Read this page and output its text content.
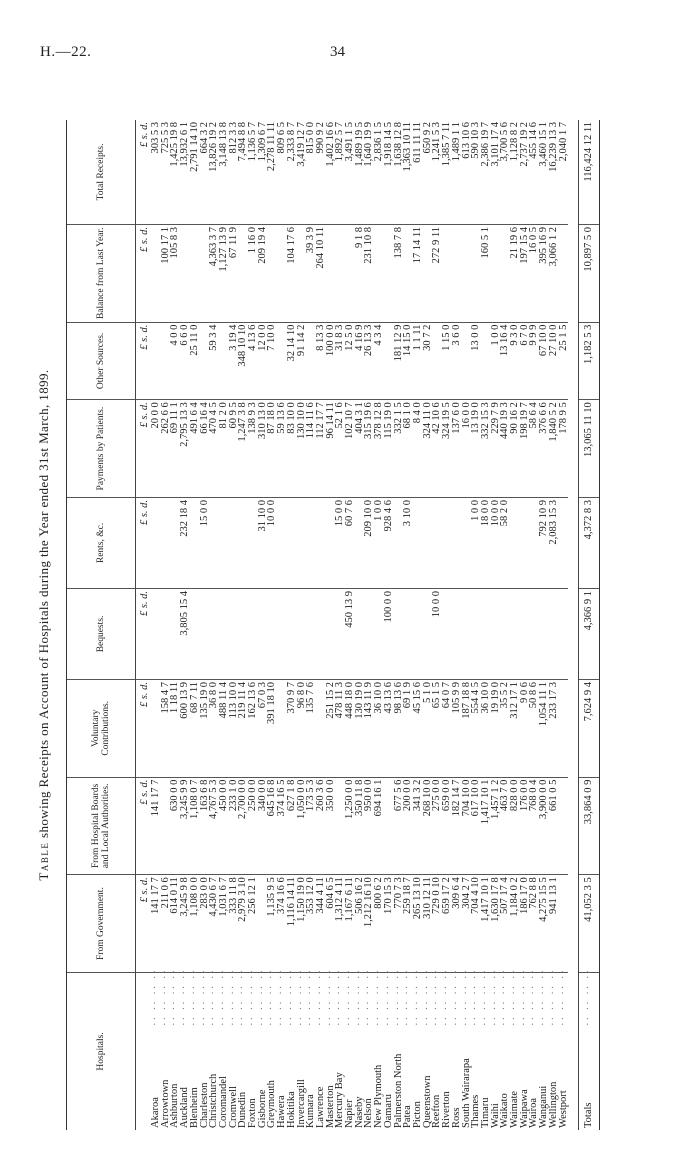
H.—22.	34
Table showing Receipts on Account of Hospitals during the Year ended 31st March, 1899.
Hospitals.		From Government.	From Hospital Boards and Local Authorities.	Voluntary Contributions.	Bequests.	Rents, &c.	Payments by Patients.	Other Sources.	Balance from Last Year.	Total Receipts.
		£ s. d.	£ s. d.	£ s. d.	£ s. d.	£ s. d.	£ s. d.	£ s. d.	£ s. d.	£ s. d.
Akaroa	·· ·· ·· ··	141 17 7	141 17 7				20 0 0			303 5 3
Arrowtown	·· ·· ·· ··	211 0 6		158 4 7			262 6 6		100 17 1	725 5 3
Ashburton	·· ·· ·· ··	614 0 11	630 0 0	1 18 11			69 11 1	4 0 0	105 8 3	1,425 19 8
Auckland	·· ·· ·· ··	3,245 9 8	3,245 9 9	600 13 9	3,805 15 4	232 18 4	2,795 13 3	6 6 0		13,932 6 1
Blenheim	·· ·· ·· ··	1,108 0 0	1,108 0 7	68 7 11			491 6 4	25 11 0		2,791 14 10
Charleston	·· ·· ·· ··	283 0 0	163 6 8	135 19 0		15 0 0	66 16 4			664 3 2
Christchurch	·· ·· ·· ··	4,430 6 7	4,767 5 3	36 8 0			470 4 5	59 3 4	4,363 3 7	13,826 19 2
Coromandel	·· ·· ·· ··	1,031 6 7	450 0 0	488 11 4			81 2 0		1,127 13 9	3,148 13 8
Cromwell	·· ·· ·· ··	333 11 8	233 1 0	113 10 0			60 9 5	3 19 4	67 11 9	812 3 3
Dunedin	·· ·· ·· ··	2,979 3 10	2,700 0 0	219 11 4			1,247 3 8	348 10 10		7,494 8 8
Foxton	·· ·· ·· ··	256 12 1	250 0 0	162 13 6			138 9 3	4 13 6	1 16 0	1,136 5 7
Gisborne	·· ·· ·· ··		340 0 0	67 0 3		31 10 0	310 13 0	12 0 0	209 19 4	1,309 6 7
Greymouth	·· ·· ·· ··	1,135 9 5	645 16 8	391 18 10		10 0 0	87 18 0	7 10 0		2,278 11 11
Hawera	·· ·· ·· ··	374 16 6	374 16 5				59 13 6			809 6 5
Hokitika	·· ·· ·· ··	1,116 14 11	627 1 8	370 9 7			83 10 0	32 14 10	104 17 6	2,333 8 7
Invercargill	·· ·· ·· ··	1,150 19 0	1,050 0 0	96 8 0			130 10 0	91 14 2		3,419 12 7
Kumara	·· ·· ·· ··	353 12 0	173 5 3	135 7 6			114 11 6		39 3 9	815 0 0
Lawrence	·· ·· ·· ··	344 4 11	260 3 6				112 17 7	8 13 3	264 10 11	990 9 2
Masterton	·· ·· ·· ··	604 6 5	350 0 0	251 15 2			96 14 11	100 0 0		1,402 16 6
Mercury Bay	·· ·· ·· ··	1,312 4 11		478 11 3		15 0 0	52 1 6	31 8 3		1,892 5 7
Napier	·· ·· ·· ··	1,167 6 11	1,250 0 0	448 18 0	450 13 9	60 7 6	102 10 7	12 5 0		3,491 1 5
Naseby	·· ·· ·· ··	506 16 2	350 11 8	130 19 0			404 3 1	4 16 9	9 1 8	1,489 19 5
Nelson	·· ·· ·· ··	1,212 16 10	950 0 0	143 11 9		209 10 0	315 19 6	26 13 3	231 10 8	1,640 19 9
New Plymouth	·· ·· ·· ··	800 6 2	694 16 1	36 10 0		1 0 0	378 12 8	4 3 4		2,836 1 5
Oamaru	·· ·· ·· ··	170 15 3		43 13 6	100 0 0	928 4 6	115 19 0			1,918 14 5
Palmerston North	·· ·· ·· ··	770 7 3	677 5 6	98 13 6			332 1 5	181 12 9	138 7 8	1,638 12 8
Patea	·· ·· ·· ··	259 18 7	200 0 0	69 1 9		3 10 0	68 1 0	14 15 0		1,363 10 11
Picton	·· ·· ·· ··	265 13 10	341 3 2	45 15 6			8 4 0	1 1 11	17 14 11	611 11 11
Queenstown	·· ·· ·· ··	310 12 11	268 10 0	5 1 0			324 11 0	30 7 2		650 9 2
Reefton	·· ·· ·· ··	729 0 10	275 0 0	65 1 5	10 0 0		42 10 6		272 9 11	1,241 5 3
Riverton	·· ·· ·· ··	659 17 2	659 0 0	64 0 7			324 19 5	1 15 0		1,385 7 11
Ross	·· ·· ·· ··	309 6 4	182 14 7	105 9 9			137 6 0	3 6 0		1,489 1 1
South Wairarapa	·· ·· ·· ··	304 2 7	704 10 0	187 18 8			16 0 0			613 10 6
Thames	·· ·· ·· ··	704 4 10	617 10 0	554 4 5		1 0 0	13 19 0	13 0 0		590 10 3
Timaru	·· ·· ·· ··	1,417 10 1	1,417 10 1	36 10 0		18 0 0	332 15 3		160 5 1	2,386 19 7
Waihi	·· ·· ·· ··	1,630 17 8	1,457 1 2	19 19 0		10 0 0	229 7 9	1 0 0		3,101 17 4
Waikato	·· ·· ·· ··	507 17 4	463 7 0	35 5 2		58 2 0	440 19 3	13 16 4		3,700 5 6
Waimate	·· ·· ·· ··	1,184 0 2	828 0 0	312 17 1			90 16 2	9 3 0	21 19 6	1,128 8 2
Waipawa	·· ·· ·· ··	186 17 0	176 0 0	9 0 6			198 19 7	6 7 0	197 15 4	2,737 19 2
Wairoa	·· ·· ·· ··	762 8 8	768 0 4	50 8 6			58 6 4	9 9 9	16 0 5	455 14 6
Wanganui	·· ·· ·· ··	4,275 15 5	3,900 0 0	1,054 11 1		792 10 9	376 6 6	67 10 0	395 16 9	3,460 15 1
Wellington	·· ·· ·· ··	941 13 1	661 0 5	233 17 3		2,083 15 3	1,840 5 2	27 10 0	3,066 1 2	16,239 13 3
Westport	·· ·· ·· ··						178 9 5	25 1 5		2,040 1 7

Totals	·· ·· ·· ··	41,052 3 5	33,864 0 9	7,624 9 4	4,366 9 1	4,372 8 3	13,065 11 10	1,182 5 3	10,897 5 0	116,424 12 11
